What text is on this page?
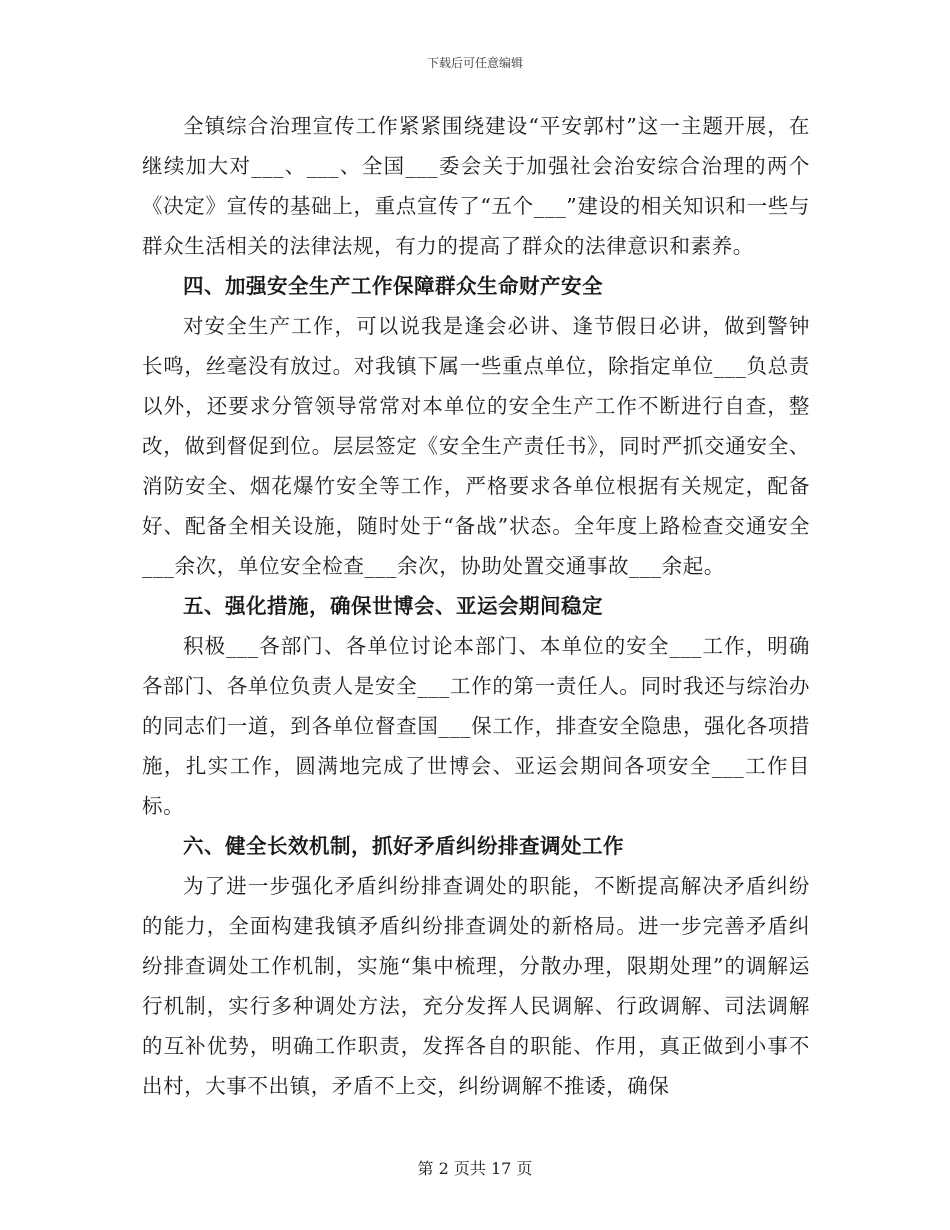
下载后可任意编辑

全镇综合治理宣传工作紧紧围绕建设“平安郭村”这一主题开展，在继续加大对___、___、全国___委会关于加强社会治安综合治理的两个《决定》宣传的基础上，重点宣传了“五个___”建设的相关知识和一些与群众生活相关的法律法规，有力的提高了群众的法律意识和素养。

四、加强安全生产工作保障群众生命财产安全

对安全生产工作，可以说我是逢会必讲、逢节假日必讲，做到警钟长鸣，丝毫没有放过。对我镇下属一些重点单位，除指定单位___负总责以外，还要求分管领导常常对本单位的安全生产工作不断进行自查，整改，做到督促到位。层层签定《安全生产责任书》，同时严抓交通安全、消防安全、烟花爆竹安全等工作，严格要求各单位根据有关规定，配备好、配备全相关设施，随时处于“备战”状态。全年度上路检查交通安全___余次，单位安全检查___余次，协助处置交通事故___余起。

五、强化措施，确保世博会、亚运会期间稳定

积极___各部门、各单位讨论本部门、本单位的安全___工作，明确各部门、各单位负责人是安全___工作的第一责任人。同时我还与综治办的同志们一道，到各单位督查国___保工作，排查安全隐患，强化各项措施，扎实工作，圆满地完成了世博会、亚运会期间各项安全___工作目标。

六、健全长效机制，抓好矛盾纠纷排查调处工作

为了进一步强化矛盾纠纷排查调处的职能，不断提高解决矛盾纠纷的能力，全面构建我镇矛盾纠纷排查调处的新格局。进一步完善矛盾纠纷排查调处工作机制，实施“集中梳理，分散办理，限期处理”的调解运行机制，实行多种调处方法，充分发挥人民调解、行政调解、司法调解的互补优势，明确工作职责，发挥各自的职能、作用，真正做到小事不出村，大事不出镇，矛盾不上交，纠纷调解不推诿，确保

第 2 页共 17 页
